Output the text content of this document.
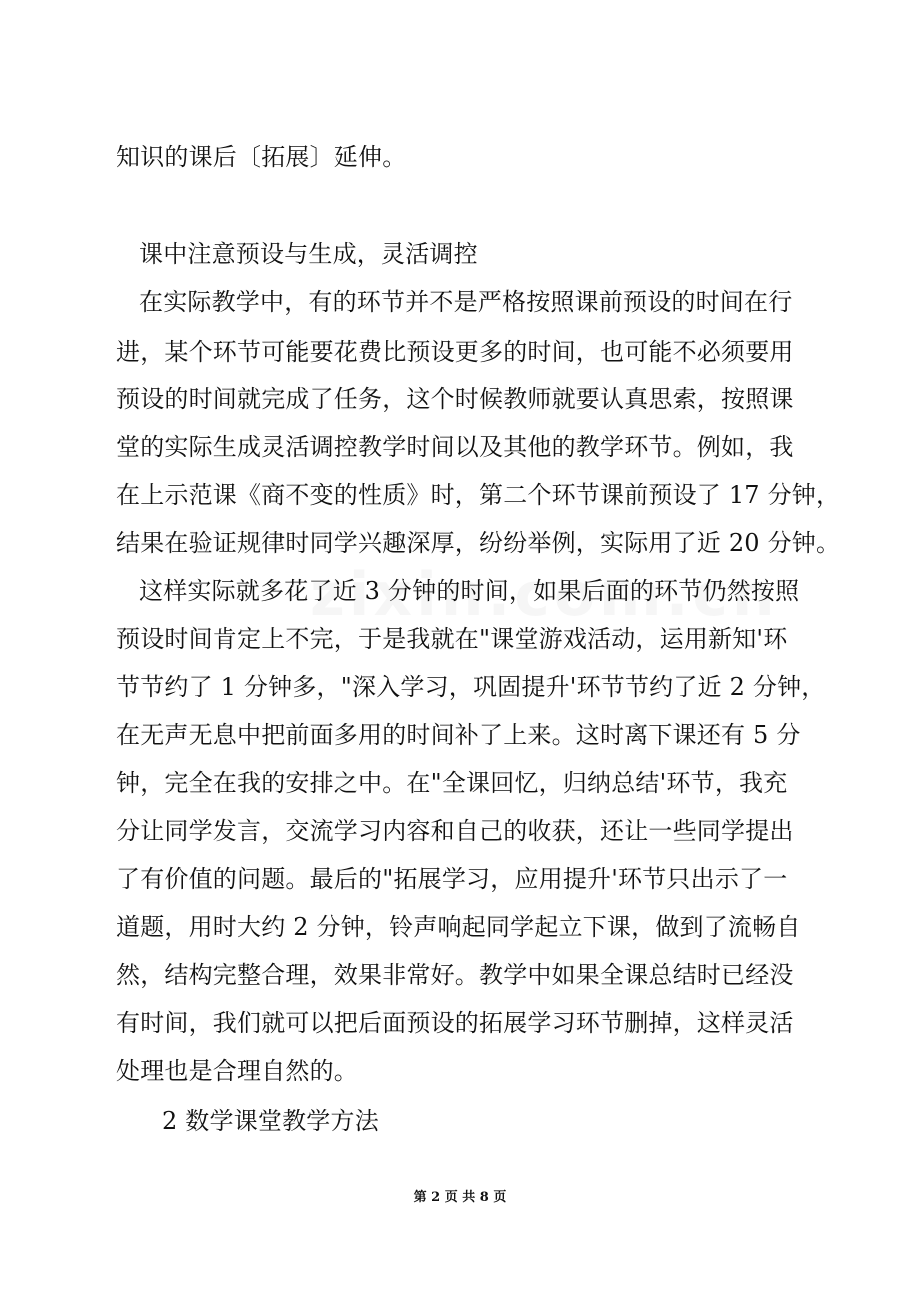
知识的课后〔拓展〕延伸。
课中注意预设与生成，灵活调控
在实际教学中，有的环节并不是严格按照课前预设的时间在行
进，某个环节可能要花费比预设更多的时间，也可能不必须要用
预设的时间就完成了任务，这个时候教师就要认真思索，按照课
堂的实际生成灵活调控教学时间以及其他的教学环节。例如，我
在上示范课《商不变的性质》时，第二个环节课前预设了 17 分钟，
结果在验证规律时同学兴趣深厚，纷纷举例，实际用了近 20 分钟。
这样实际就多花了近 3 分钟的时间，如果后面的环节仍然按照
预设时间肯定上不完，于是我就在"课堂游戏活动，运用新知'环
节节约了 1 分钟多，"深入学习，巩固提升'环节节约了近 2 分钟，
在无声无息中把前面多用的时间补了上来。这时离下课还有 5 分
钟，完全在我的安排之中。在"全课回忆，归纳总结'环节，我充
分让同学发言，交流学习内容和自己的收获，还让一些同学提出
了有价值的问题。最后的"拓展学习，应用提升'环节只出示了一
道题，用时大约 2 分钟，铃声响起同学起立下课，做到了流畅自
然，结构完整合理，效果非常好。教学中如果全课总结时已经没
有时间，我们就可以把后面预设的拓展学习环节删掉，这样灵活
处理也是合理自然的。
2 数学课堂教学方法
第 2 页 共 8 页
